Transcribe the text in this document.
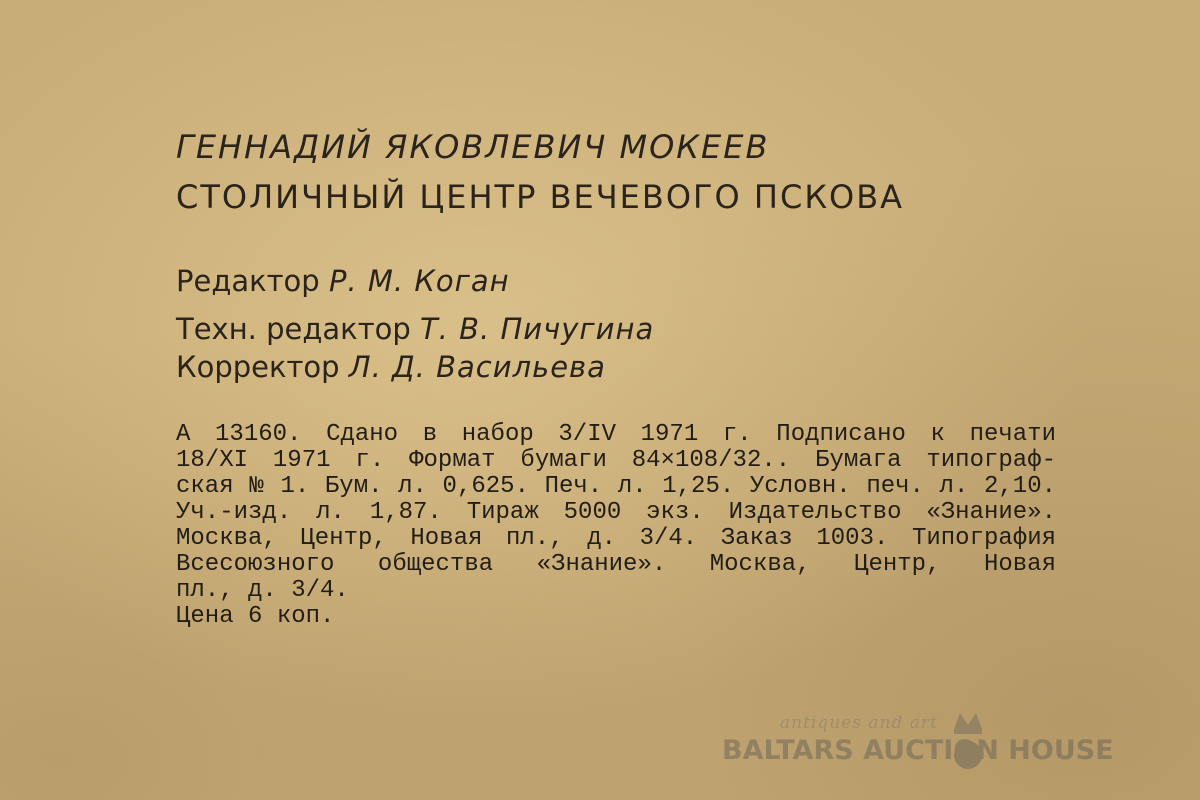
ГЕННАДИЙ ЯКОВЛЕВИЧ МОКЕЕВ
СТОЛИЧНЫЙ ЦЕНТР ВЕЧЕВОГО ПСКОВА
Редактор Р. М. Коган
Техн. редактор Т. В. Пичугина
Корректор Л. Д. Васильева
А 13160. Сдано в набор 3/IV 1971 г. Подписано к печати
18/XI 1971 г. Формат бумаги 84×108/32.. Бумага типограф-
ская № 1. Бум. л. 0,625. Печ. л. 1,25. Условн. печ. л. 2,10.
Уч.-изд. л. 1,87. Тираж 5000 экз. Издательство «Знание».
Москва, Центр, Новая пл., д. 3/4. Заказ 1003. Типография
Всесоюзного общества «Знание». Москва, Центр, Новая
пл., д. 3/4.
Цена 6 коп.
antiques and art
BALTARS AUCTION HOUSE
